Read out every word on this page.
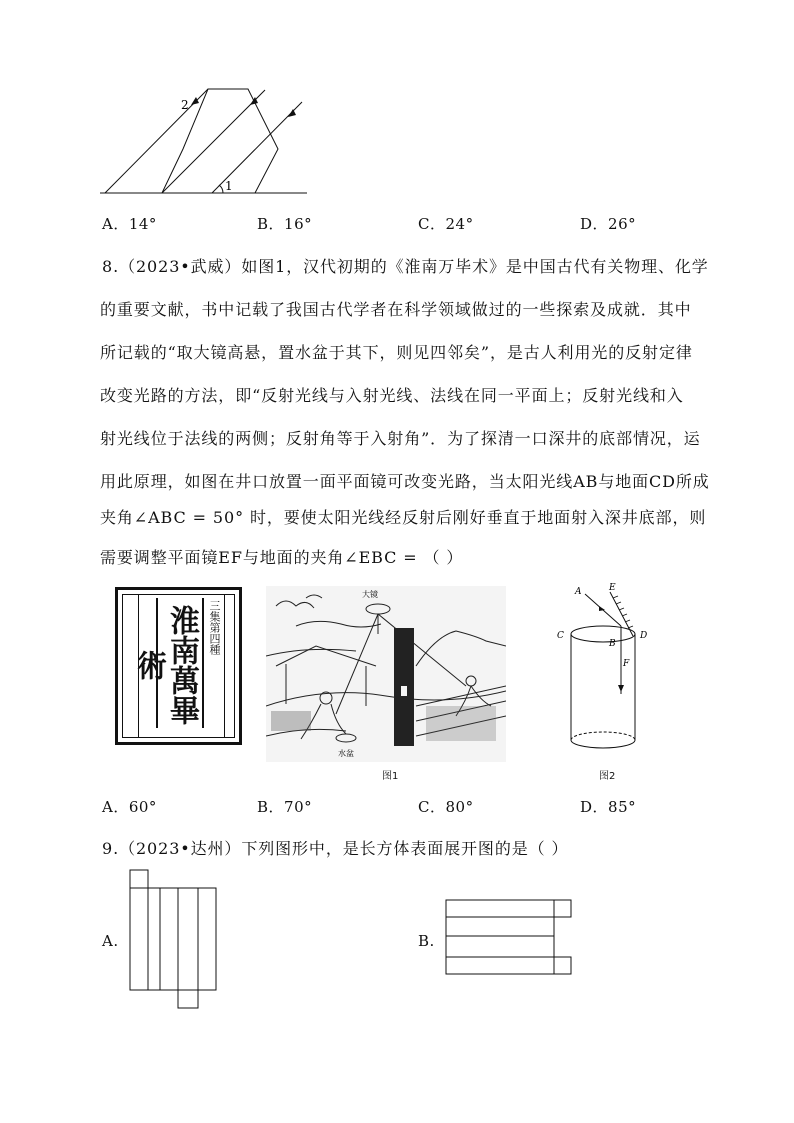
2
1
A．14°	B．16°	C．24°	D．26°
8.（2023•武威）如图1，汉代初期的《淮南万毕术》是中国古代有关物理、化学
的重要文献，书中记载了我国古代学者在科学领域做过的一些探索及成就．其中
所记载的“取大镜高悬，置水盆于其下，则见四邻矣”，是古人利用光的反射定律
改变光路的方法，即“反射光线与入射光线、法线在同一平面上；反射光线和入
射光线位于法线的两侧；反射角等于入射角”．为了探清一口深井的底部情况，运
用此原理，如图在井口放置一面平面镜可改变光路，当太阳光线AB与地面CD所成
夹角∠ABC = 50° 时，要使太阳光线经反射后刚好垂直于地面射入深井底部，则
需要调整平面镜EF与地面的夹角∠EBC = （ ）
淮南萬畢術
三集第四種
大镜
水盆
图1
A	E
C	D
B
F
图2
A．60°	B．70°	C．80°	D．85°
9.（2023•达州）下列图形中，是长方体表面展开图的是（ ）
A.	B.
